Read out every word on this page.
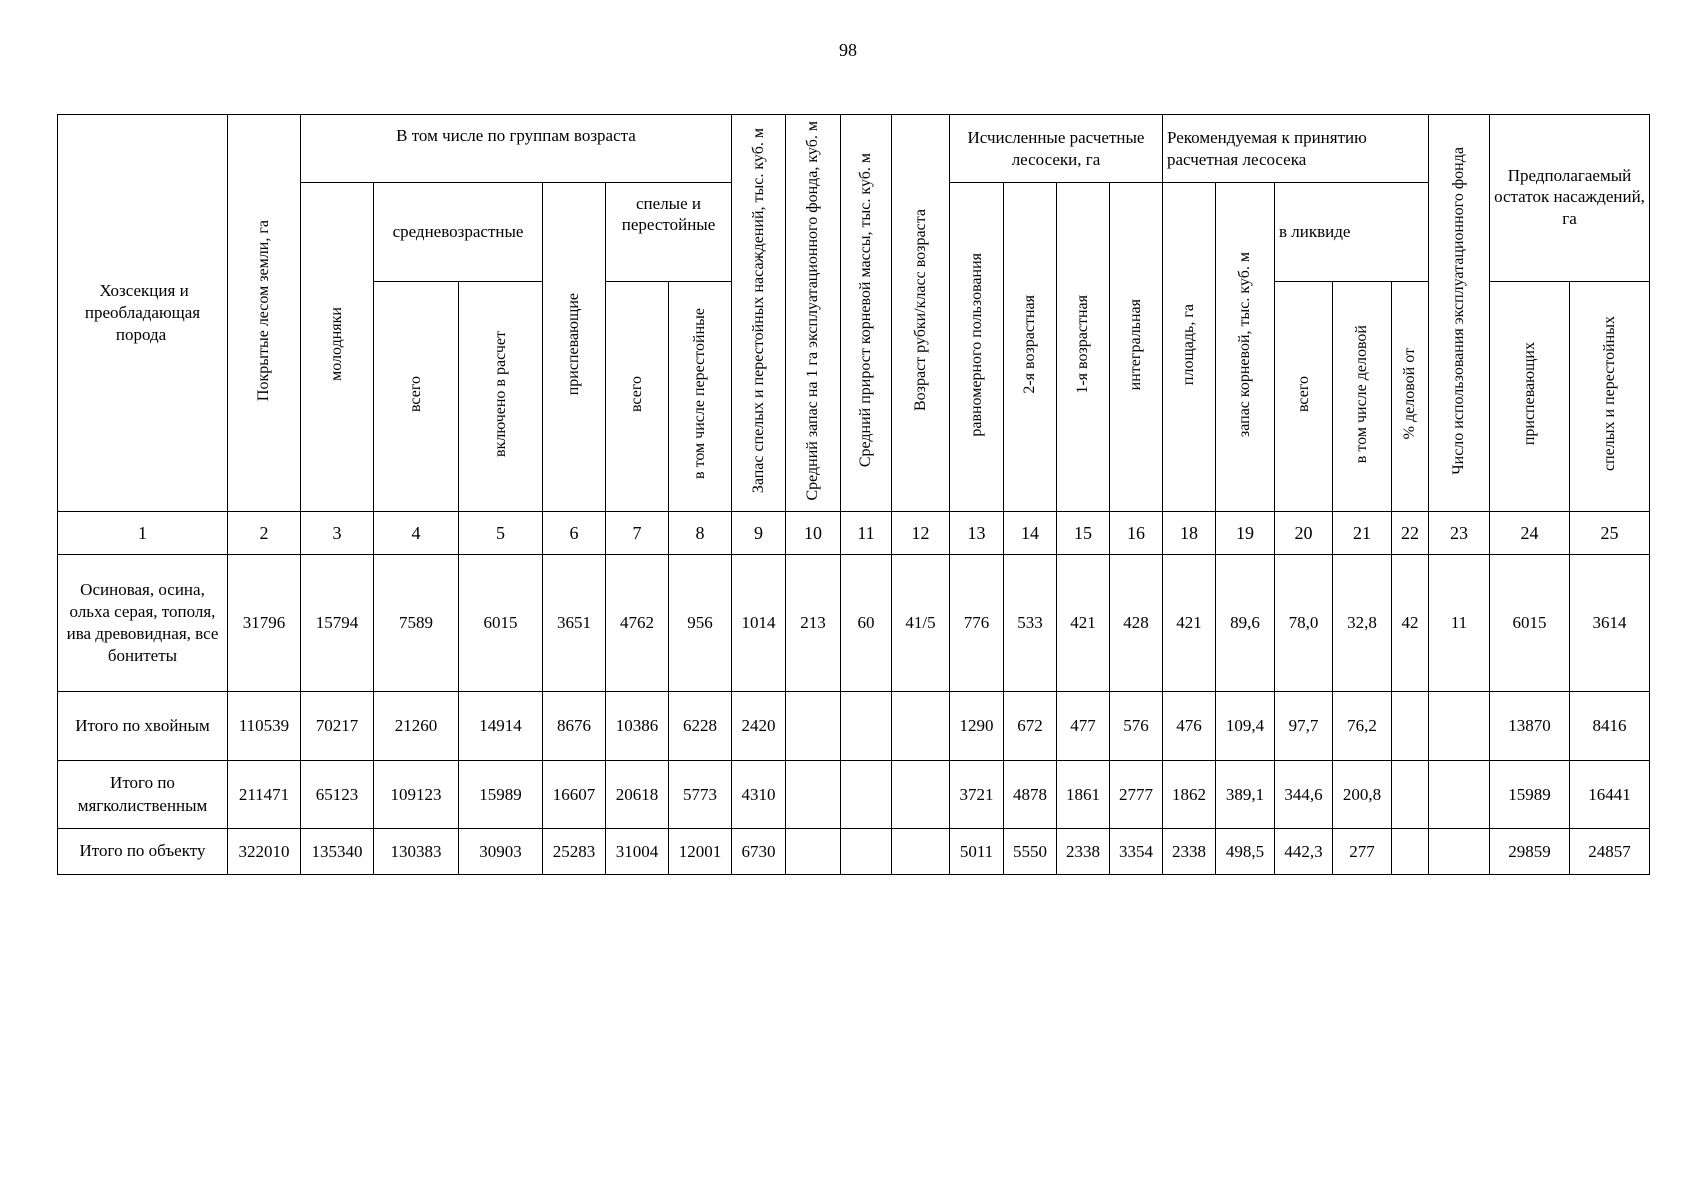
98
Хозсекция и преобладающая порода	Покрытые лесом земли, га	В том числе по группам возраста						Запас спелых и перестойных насаждений, тыс. куб. м	Средний запас на 1 га эксплуатационного фонда, куб. м	Средний прирост корневой массы, тыс. куб. м	Возраст рубки/класс возраста	Исчисленные расчетные лесосеки, га				Рекомендуемая к принятию расчетная лесосека					Число использования эксплуатационного фонда	Предполагаемый остаток насаждений, га	
		молодняки	средневозрастные		приспевающие	спелые и перестойные						равномерного пользования	2-я возрастная	1-я возрастная	интегральная	площадь, га	запас корневой, тыс. куб. м	в ликвиде					
			всего	включено в расчет		всего	в том числе перестойные											всего	в том числе деловой	% деловой от		приспевающих	спелых и перестойных
1	2	3	4	5	6	7	8	9	10	11	12	13	14	15	16	18	19	20	21	22	23	24	25
Осиновая, осина, ольха серая, тополя, ива древовидная, все бонитеты	31796	15794	7589	6015	3651	4762	956	1014	213	60	41/5	776	533	421	428	421	89,6	78,0	32,8	42	11	6015	3614
Итого по хвойным	110539	70217	21260	14914	8676	10386	6228	2420				1290	672	477	576	476	109,4	97,7	76,2			13870	8416
Итого по мягколиственным	211471	65123	109123	15989	16607	20618	5773	4310				3721	4878	1861	2777	1862	389,1	344,6	200,8			15989	16441
Итого по объекту	322010	135340	130383	30903	25283	31004	12001	6730				5011	5550	2338	3354	2338	498,5	442,3	277			29859	24857
